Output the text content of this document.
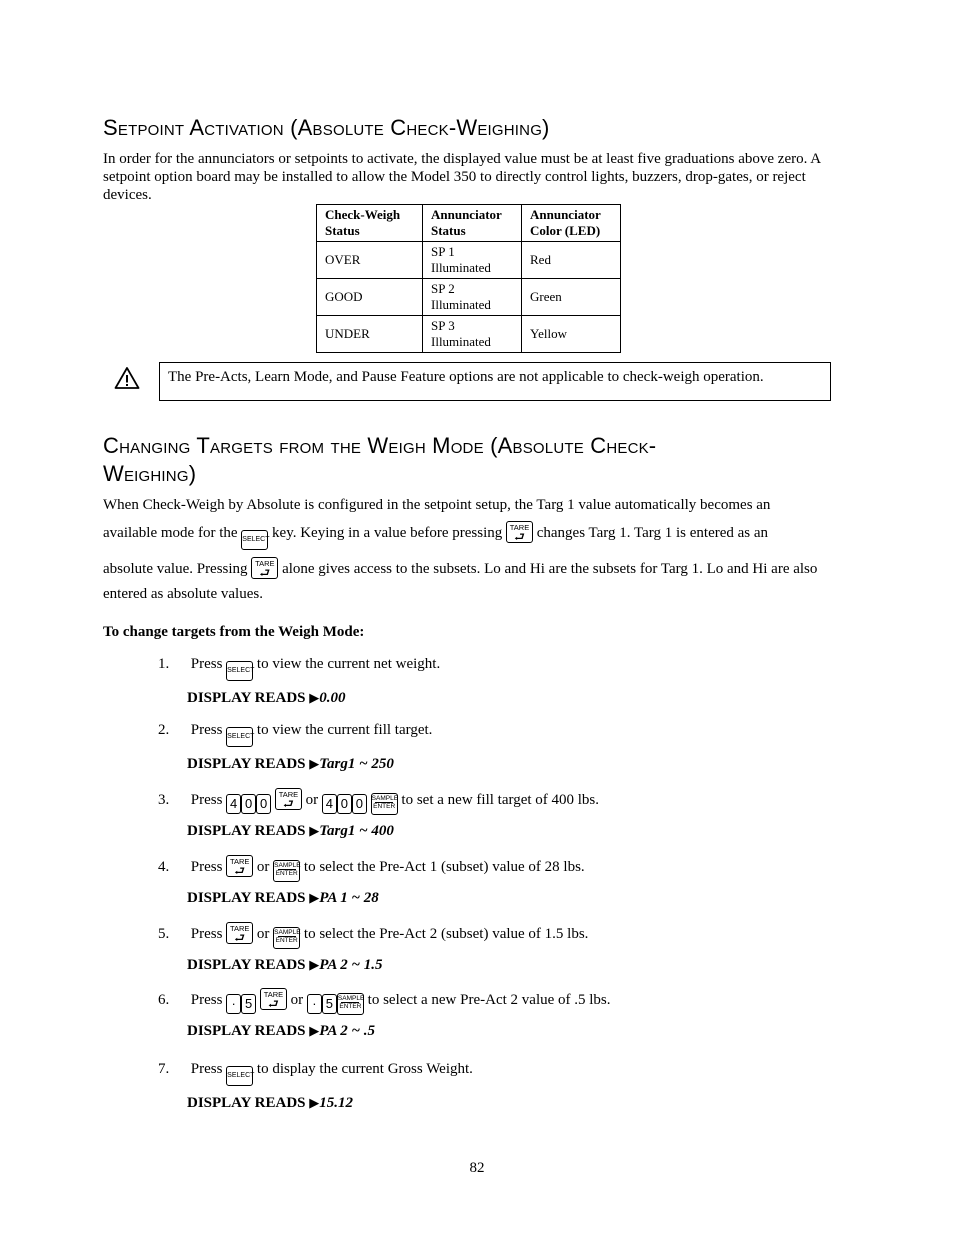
Setpoint Activation (Absolute Check-Weighing)

In order for the annunciators or setpoints to activate, the displayed value must be at least five graduations above zero. A setpoint option board may be installed to allow the Model 350 to directly control lights, buzzers, drop-gates, or reject devices.

Check-Weigh Status	Annunciator Status	Annunciator Color (LED)
OVER	SP 1 Illuminated	Red
GOOD	SP 2 Illuminated	Green
UNDER	SP 3 Illuminated	Yellow
The Pre-Acts, Learn Mode, and Pause Feature options are not applicable to check-weigh operation.
Changing Targets from the Weigh Mode (Absolute Check-
Weighing)
When Check-Weigh by Absolute is configured in the setpoint setup, the Targ 1 value automatically becomes an
available mode for the SELECT key. Keying in a value before pressing TARE
⮐ changes Targ 1. Targ 1 is entered as an
absolute value. Pressing TARE
⮐ alone gives access to the subsets. Lo and Hi are the subsets for Targ 1. Lo and Hi are also
entered as absolute values.
To change targets from the Weigh Mode:
1. Press SELECT to view the current net weight.
DISPLAY READS ▶0.00
2. Press SELECT to view the current fill target.
DISPLAY READS ▶Targ1 ~ 250
3. Press 4 0 0 TARE
⮐ or 4 0 0 SAMPLE
ENTER to set a new fill target of 400 lbs.
DISPLAY READS ▶Targ1 ~ 400
4. Press TARE
⮐ or SAMPLE
ENTER to select the Pre-Act 1 (subset) value of 28 lbs.
DISPLAY READS ▶PA 1 ~ 28
5. Press TARE
⮐ or SAMPLE
ENTER to select the Pre-Act 2 (subset) value of 1.5 lbs.
DISPLAY READS ▶PA 2 ~ 1.5
6. Press · 5 TARE
⮐ or · 5 SAMPLE
ENTER to select a new Pre-Act 2 value of .5 lbs.
DISPLAY READS ▶PA 2 ~ .5
7. Press SELECT to display the current Gross Weight.
DISPLAY READS ▶15.12
82
